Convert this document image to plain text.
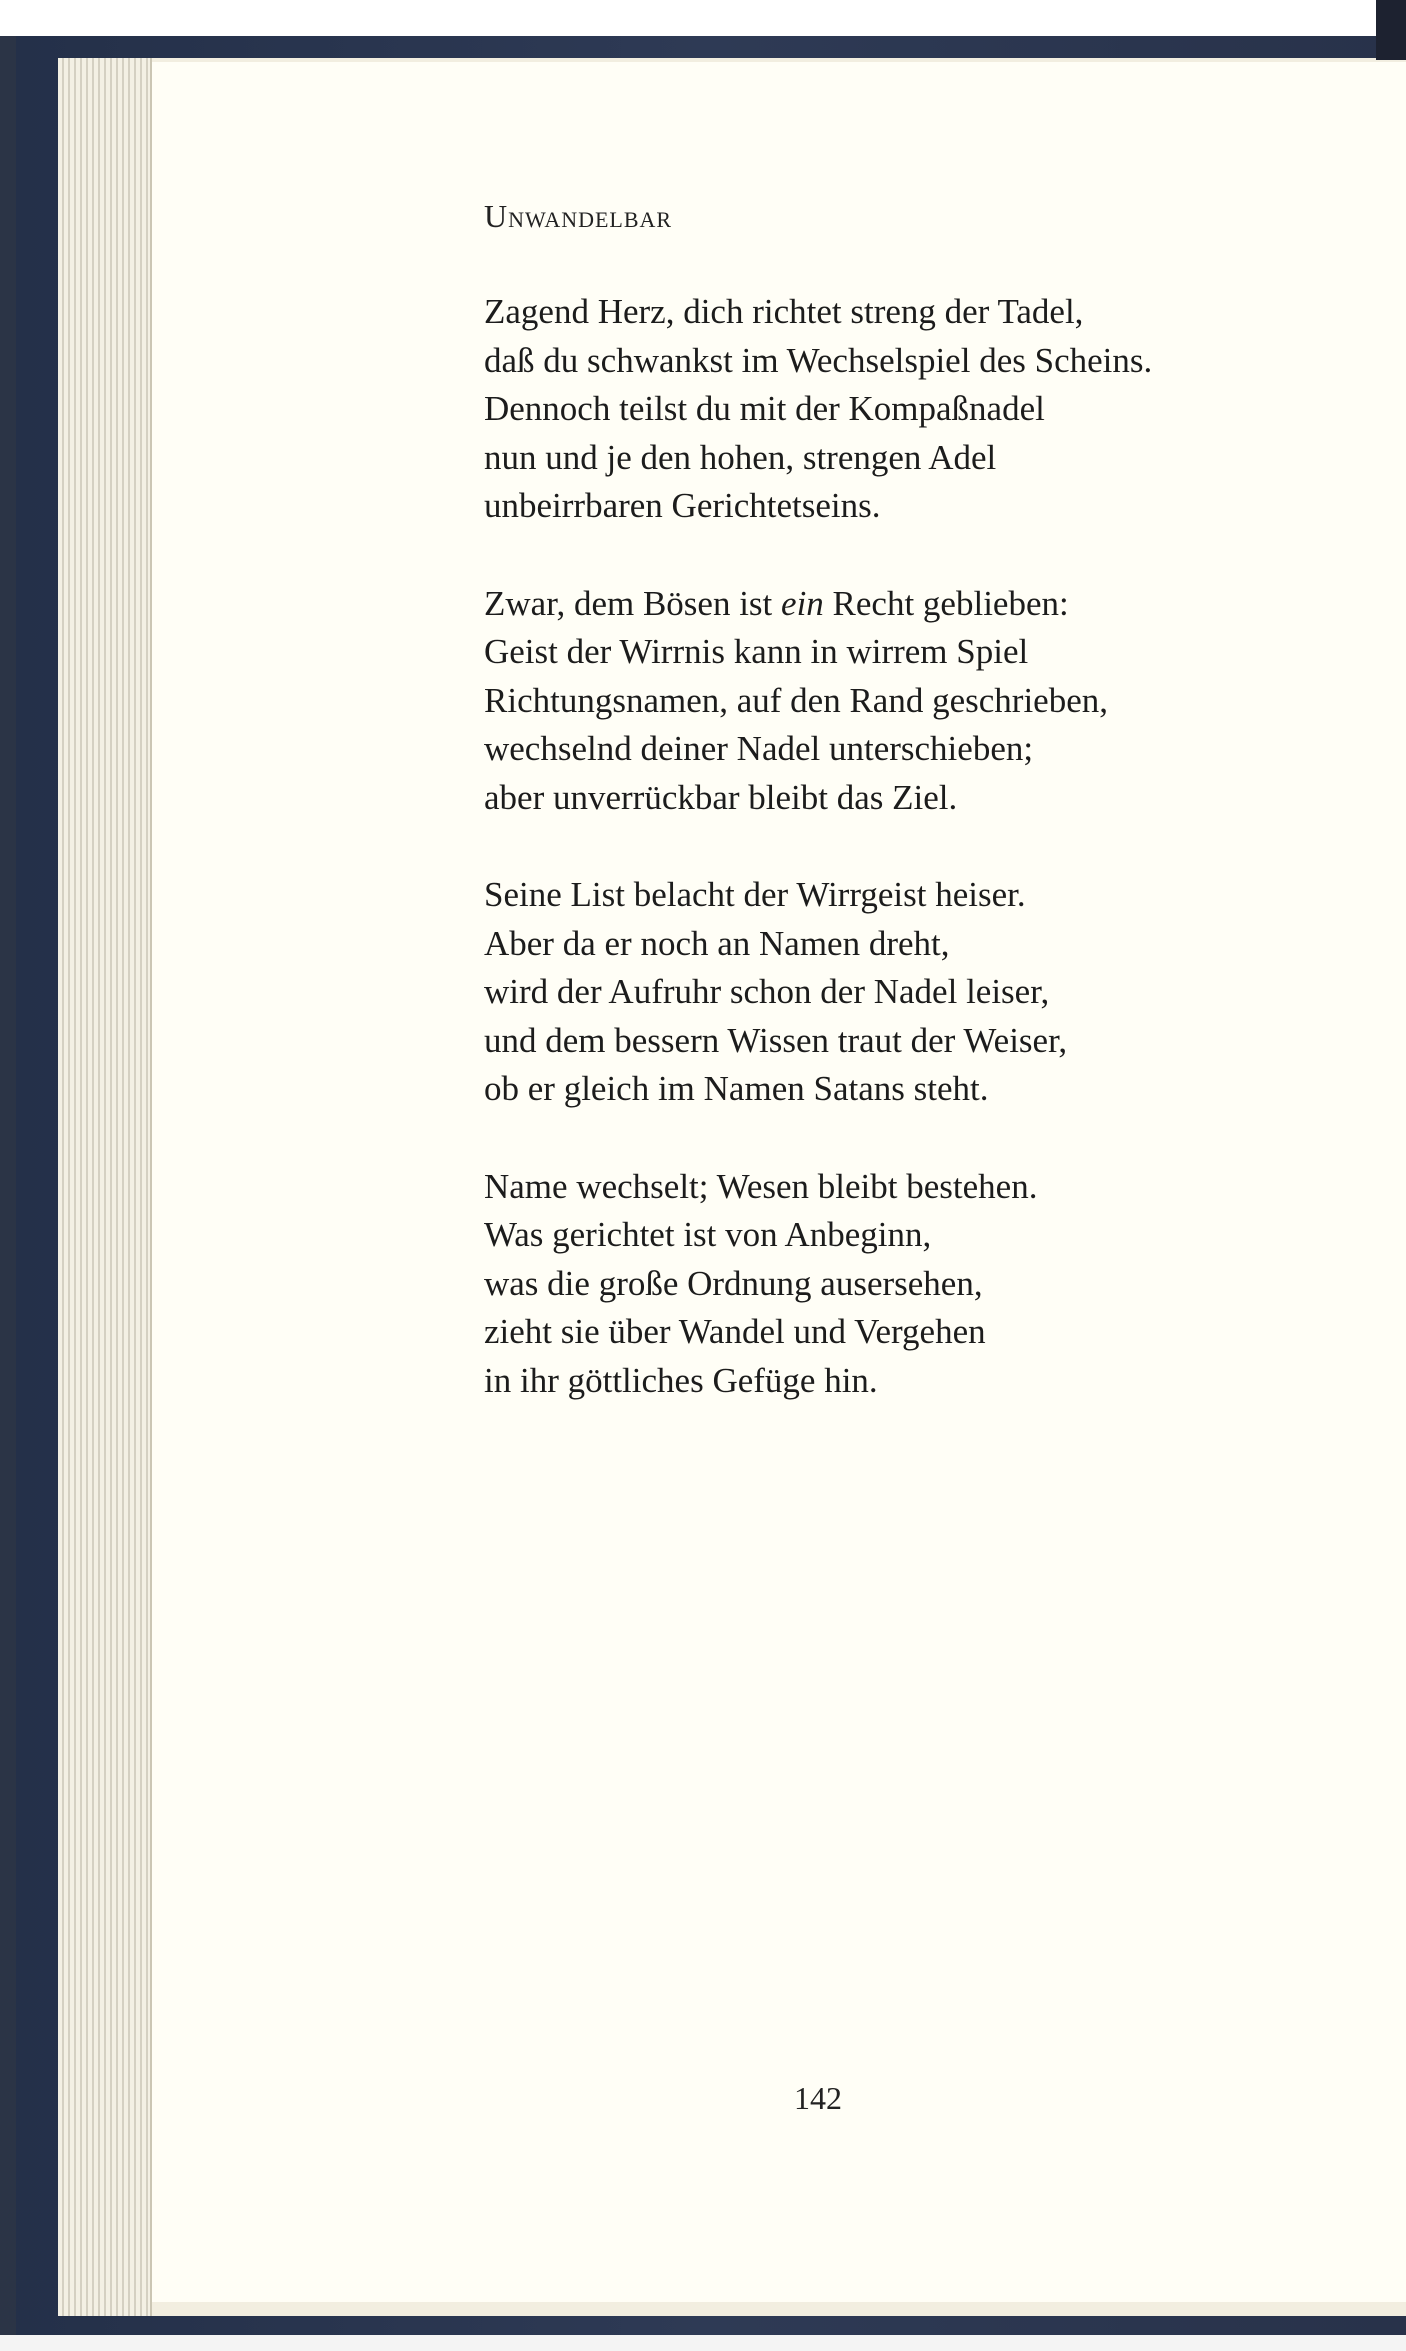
Unwandelbar
Zagend Herz, dich richtet streng der Tadel,
daß du schwankst im Wechselspiel des Scheins.
Dennoch teilst du mit der Kompaßnadel
nun und je den hohen, strengen Adel
unbeirrbaren Gerichtetseins.
Zwar, dem Bösen ist ein Recht geblieben:
Geist der Wirrnis kann in wirrem Spiel
Richtungsnamen, auf den Rand geschrieben,
wechselnd deiner Nadel unterschieben;
aber unverrückbar bleibt das Ziel.
Seine List belacht der Wirrgeist heiser.
Aber da er noch an Namen dreht,
wird der Aufruhr schon der Nadel leiser,
und dem bessern Wissen traut der Weiser,
ob er gleich im Namen Satans steht.
Name wechselt; Wesen bleibt bestehen.
Was gerichtet ist von Anbeginn,
was die große Ordnung ausersehen,
zieht sie über Wandel und Vergehen
in ihr göttliches Gefüge hin.
142
